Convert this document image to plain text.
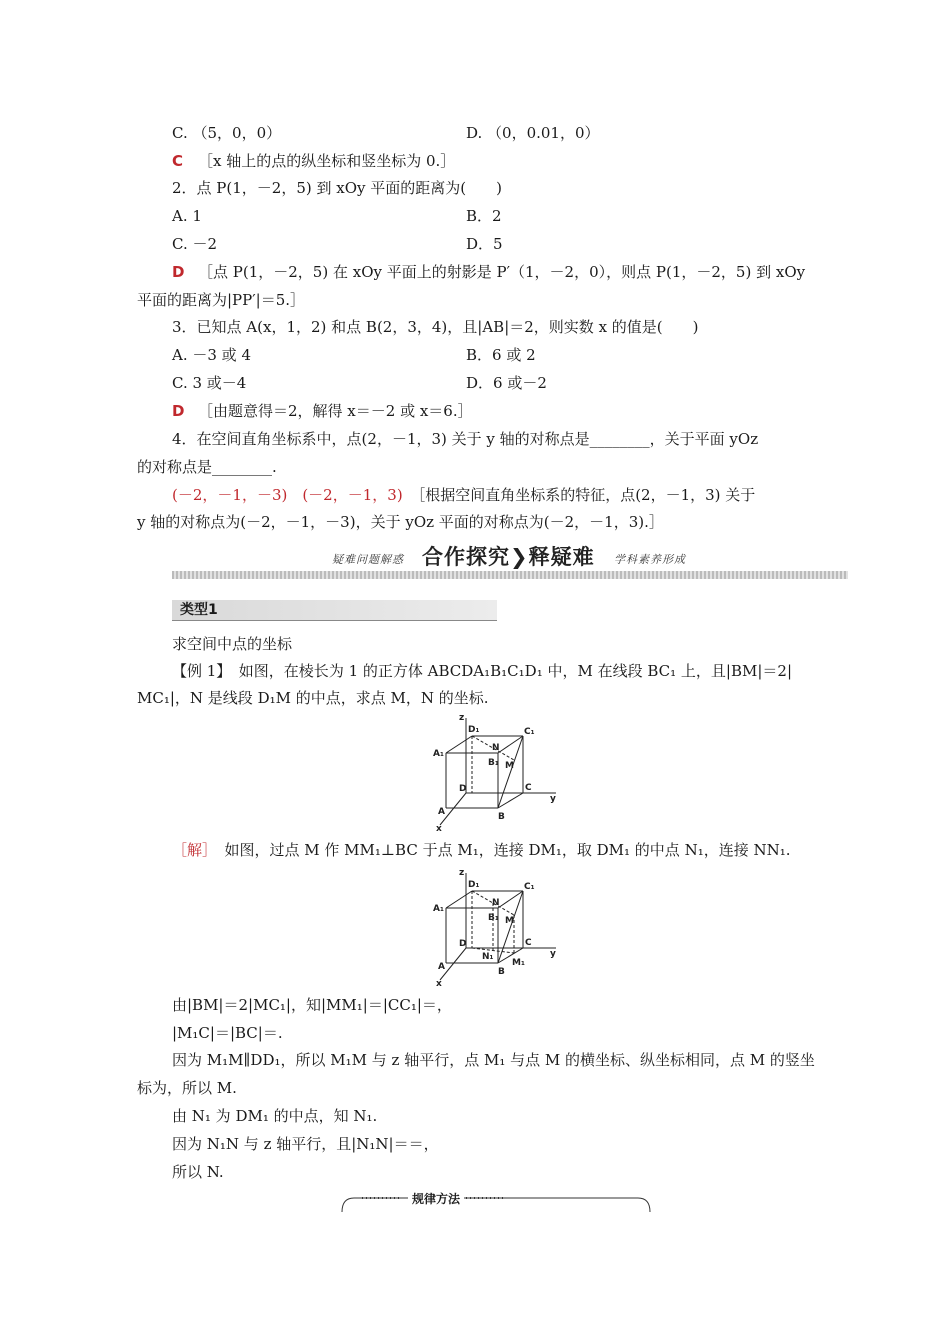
C. （5，0，0）	D. （0，0.01，0）
C ［x 轴上的点的纵坐标和竖坐标为 0.］
2．点 P(1，－2，5) 到 xOy 平面的距离为(　　)
A. 1	B．2
C. －2	D．5
D ［点 P(1，－2，5) 在 xOy 平面上的射影是 P′（1，－2，0），则点 P(1，－2，5) 到 xOy
平面的距离为|PP′|＝5.］
3．已知点 A(x，1，2) 和点 B(2，3，4)，且|AB|＝2，则实数 x 的值是(　　)
A. －3 或 4	B．6 或 2
C. 3 或－4	D．6 或－2
D ［由题意得＝2，解得 x＝－2 或 x＝6.］
4．在空间直角坐标系中，点(2，－1，3) 关于 y 轴的对称点是________，关于平面 yOz
的对称点是________.
(－2，－1，－3)　(－2，－1，3)　 ［根据空间直角坐标系的特征，点(2，－1，3) 关于
y 轴的对称点为(－2，－1，－3)，关于 yOz 平面的对称点为(－2，－1，3).］
疑难问题解惑 合作探究❯释疑难 学科素养形成
类型1
求空间中点的坐标
【例 1】　如图，在棱长为 1 的正方体 ABCDA₁B₁C₁D₁ 中，M 在线段 BC₁ 上，且|BM|＝2|
MC₁|，N 是线段 D₁M 的中点，求点 M，N 的坐标.
z
y
x
A	B
C
D
A₁
B₁
C₁
D₁
M
N
［解］　如图，过点 M 作 MM₁⊥BC 于点 M₁，连接 DM₁，取 DM₁ 的中点 N₁，连接 NN₁.
z
y
x
A	B
C
D
A₁
B₁
C₁
D₁
M
N
M₁
N₁
由|BM|＝2|MC₁|，知|MM₁|＝|CC₁|＝，
|M₁C|＝|BC|＝.
因为 M₁M∥DD₁，所以 M₁M 与 z 轴平行，点 M₁ 与点 M 的横坐标、纵坐标相同，点 M 的竖坐
标为，所以 M.
由 N₁ 为 DM₁ 的中点，知 N₁.
因为 N₁N 与 z 轴平行，且|N₁N|＝＝，
所以 N.
规律方法
